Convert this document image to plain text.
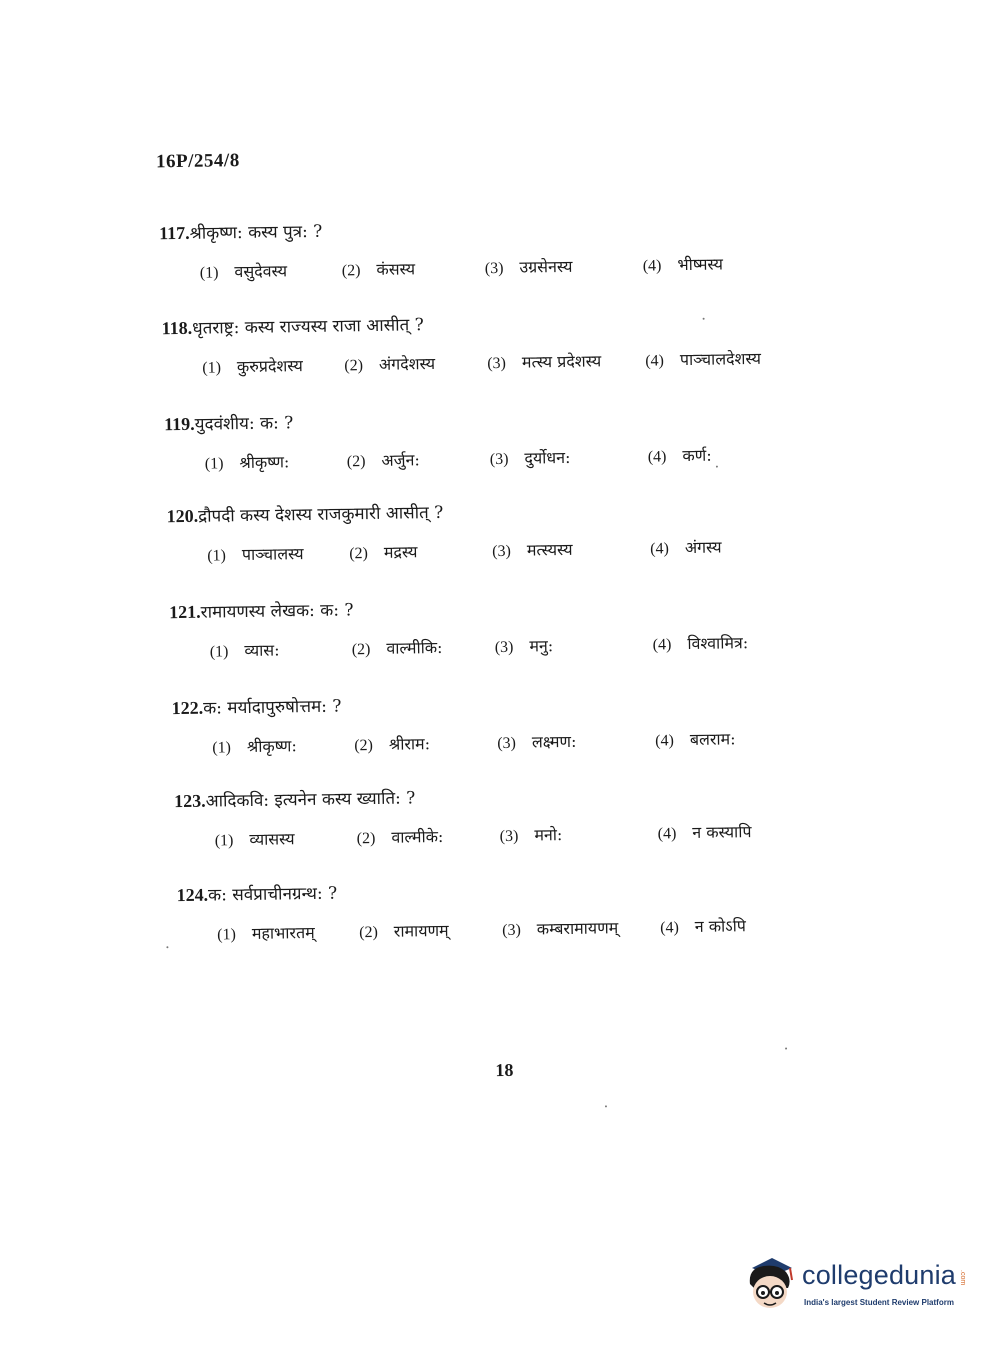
16P/254/8
117.श्रीकृष्ण: कस्य पुत्र: ?
(1) वसुदेवस्य	(2) कंसस्य	(3) उग्रसेनस्य	(4) भीष्मस्य
118.धृतराष्ट्र: कस्य राज्यस्य राजा आसीत् ?
(1) कुरुप्रदेशस्य	(2) अंगदेशस्य	(3) मत्स्य प्रदेशस्य	(4) पाञ्चालदेशस्य
119.युदवंशीय: क: ?
(1) श्रीकृष्ण:	(2) अर्जुन:	(3) दुर्योधन:	(4) कर्ण:
120.द्रौपदी कस्य देशस्य राजकुमारी आसीत् ?
(1) पाञ्चालस्य	(2) मद्रस्य	(3) मत्स्यस्य	(4) अंगस्य
121.रामायणस्य लेखक: क: ?
(1) व्यास:	(2) वाल्मीकि:	(3) मनु:	(4) विश्वामित्र:
122.क: मर्यादापुरुषोत्तम: ?
(1) श्रीकृष्ण:	(2) श्रीराम:	(3) लक्ष्मण:	(4) बलराम:
123.आदिकवि: इत्यनेन कस्य ख्याति: ?
(1) व्यासस्य	(2) वाल्मीके:	(3) मनो:	(4) न कस्यापि
124.क: सर्वप्राचीनग्रन्थ: ?
(1) महाभारतम्	(2) रामायणम्	(3) कम्बरामायणम्	(4) न कोऽपि
18
collegedunia .com
India's largest Student Review Platform
